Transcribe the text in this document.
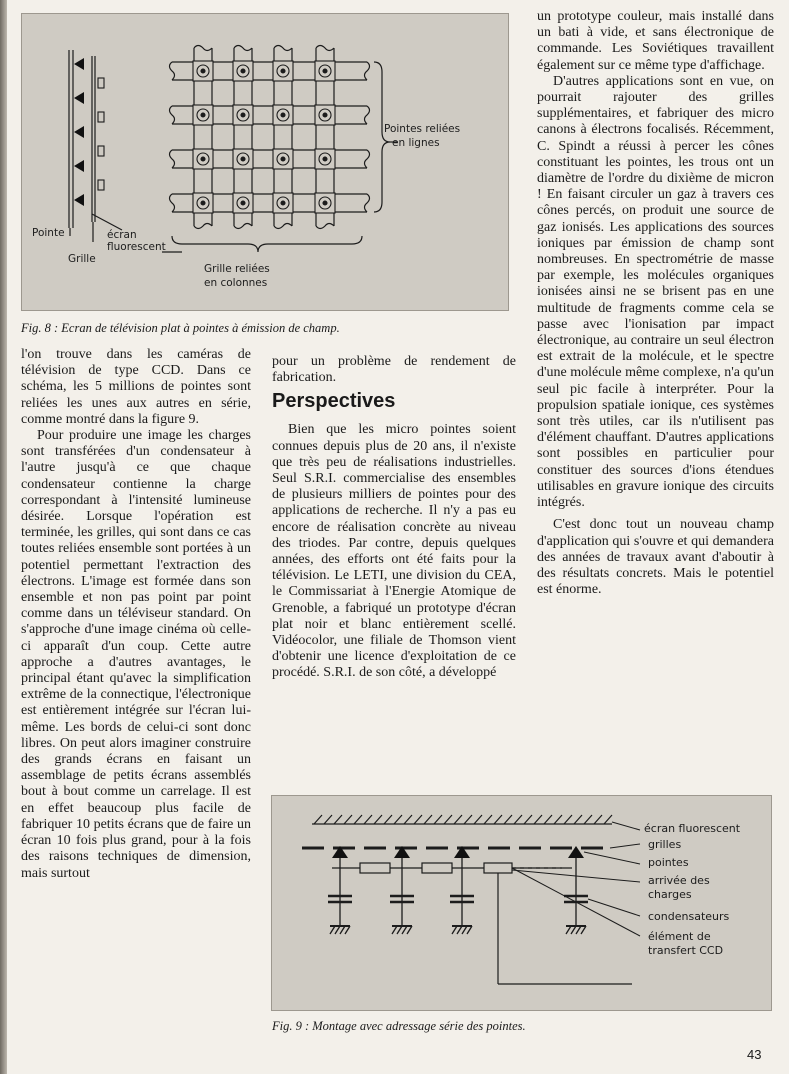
Pointes reliées
en lignes
Pointe	écran
fluorescent
Grille
Grille reliées
en colonnes
Fig. 8 : Ecran de télévision plat à pointes à émission de champ.

l'on trouve dans les caméras de télévision de type CCD. Dans ce schéma, les 5 millions de pointes sont reliées les unes aux autres en série, comme montré dans la figure 9.

Pour produire une image les charges sont transférées d'un condensateur à l'autre jusqu'à ce que chaque condensateur contienne la charge correspondant à l'intensité lumineuse désirée. Lorsque l'opération est terminée, les grilles, qui sont dans ce cas toutes reliées ensemble sont portées à un potentiel permettant l'extraction des électrons. L'image est formée dans son ensemble et non pas point par point comme dans un téléviseur standard. On s'approche d'une image cinéma où celle-ci apparaît d'un coup. Cette autre approche a d'autres avantages, le principal étant qu'avec la simplification extrême de la connectique, l'électronique est entièrement intégrée sur l'écran lui-même. Les bords de celui-ci sont donc libres. On peut alors imaginer construire des grands écrans en faisant un assemblage de petits écrans assemblés bout à bout comme un carrelage. Il est en effet beaucoup plus facile de fabriquer 10 petits écrans que de faire un écran 10 fois plus grand, pour à la fois des raisons techniques de dimension, mais surtout

pour un problème de rendement de fabrication.

Perspectives

Bien que les micro pointes soient connues depuis plus de 20 ans, il n'existe que très peu de réalisations industrielles. Seul S.R.I. commercialise des ensembles de plusieurs milliers de pointes pour des applications de recherche. Il n'y a pas eu encore de réalisation concrète au niveau des triodes. Par contre, depuis quelques années, des efforts ont été faits pour la télévision. Le LETI, une division du CEA, le Commissariat à l'Energie Atomique de Grenoble, a fabriqué un prototype d'écran plat noir et blanc entièrement scellé. Vidéocolor, une filiale de Thomson vient d'obtenir une licence d'exploitation de ce procédé. S.R.I. de son côté, a développé

un prototype couleur, mais installé dans un bati à vide, et sans électronique de commande. Les Soviétiques travaillent également sur ce même type d'affichage.

D'autres applications sont en vue, on pourrait rajouter des grilles supplémentaires, et fabriquer des micro canons à électrons focalisés. Récemment, C. Spindt a réussi à percer les cônes constituant les pointes, les trous ont un diamètre de l'ordre du dixième de micron ! En faisant circuler un gaz à travers ces cônes percés, on produit une source de gaz ionisés. Les applications des sources ioniques par émission de champ sont nombreuses. En spectrométrie de masse par exemple, les molécules organiques ionisées ainsi ne se brisent pas en une multitude de fragments comme cela se passe avec l'ionisation par impact électronique, au contraire un seul électron est extrait de la molécule, et le spectre d'une molécule même complexe, n'a qu'un seul pic facile à interpréter. Pour la propulsion spatiale ionique, ces systèmes sont très utiles, car ils n'utilisent pas d'élément chauffant. D'autres applications sont possibles en particulier pour constituer des sources d'ions étendues utilisables en gravure ionique des circuits intégrés.

C'est donc tout un nouveau champ d'application qui s'ouvre et qui demandera des années de travaux avant d'aboutir à des résultats concrets. Mais le potentiel est énorme.

écran fluorescent
grilles
pointes
arrivée des
charges
condensateurs
élément de
transfert CCD
Fig. 9 : Montage avec adressage série des pointes.
43
